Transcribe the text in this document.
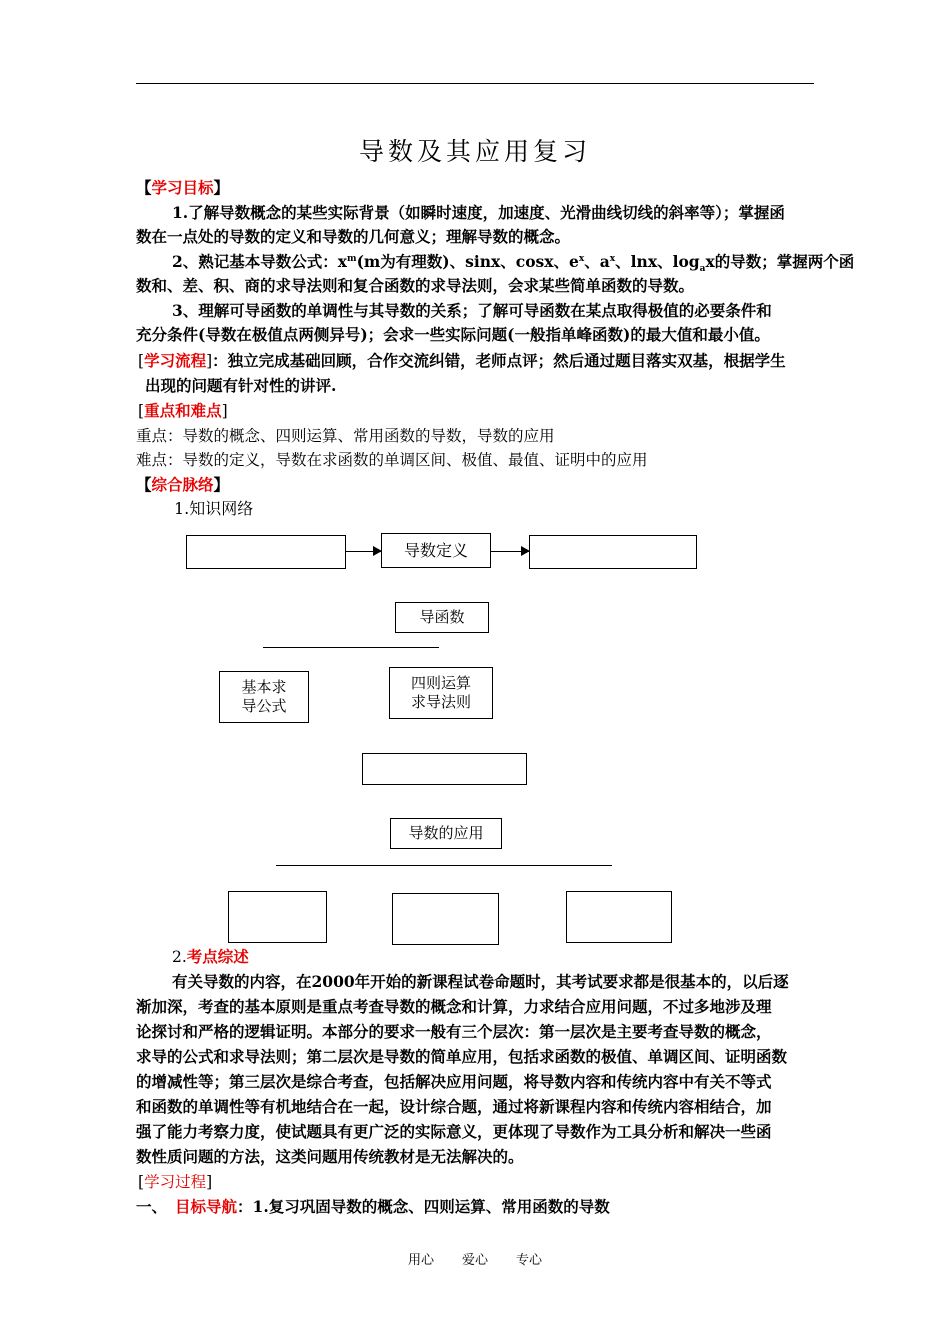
导数及其应用复习
【学习目标】
1.了解导数概念的某些实际背景（如瞬时速度，加速度、光滑曲线切线的斜率等）；掌握函
数在一点处的导数的定义和导数的几何意义；理解导数的概念。
2、熟记基本导数公式：$x^m(m$为有理数)、sinx、cosx、$e^x$、$a^x$、lnx、$\log_ax$的导数；掌握两个函
数和、差、积、商的求导法则和复合函数的求导法则，会求某些简单函数的导数。
3、理解可导函数的单调性与其导数的关系；了解可导函数在某点取得极值的必要条件和
充分条件(导数在极值点两侧异号)；会求一些实际问题(一般指单峰函数)的最大值和最小值。
[学习流程]：独立完成基础回顾，合作交流纠错，老师点评；然后通过题目落实双基，根据学生
出现的问题有针对性的讲评.
[重点和难点]
重点：导数的概念、四则运算、常用函数的导数，导数的应用
难点：导数的定义，导数在求函数的单调区间、极值、最值、证明中的应用
【综合脉络】
1.知识网络
导数定义
导函数
基本求
导公式
四则运算
求导法则
导数的应用
2.考点综述
有关导数的内容，在2000年开始的新课程试卷命题时，其考试要求都是很基本的，以后逐
渐加深，考查的基本原则是重点考查导数的概念和计算，力求结合应用问题，不过多地涉及理
论探讨和严格的逻辑证明。本部分的要求一般有三个层次：第一层次是主要考查导数的概念，
求导的公式和求导法则；第二层次是导数的简单应用，包括求函数的极值、单调区间、证明函数
的增减性等；第三层次是综合考查，包括解决应用问题，将导数内容和传统内容中有关不等式
和函数的单调性等有机地结合在一起，设计综合题，通过将新课程内容和传统内容相结合，加
强了能力考察力度，使试题具有更广泛的实际意义，更体现了导数作为工具分析和解决一些函
数性质问题的方法，这类问题用传统教材是无法解决的。
[学习过程]
一、 目标导航：1.复习巩固导数的概念、四则运算、常用函数的导数
用心 爱心 专心
